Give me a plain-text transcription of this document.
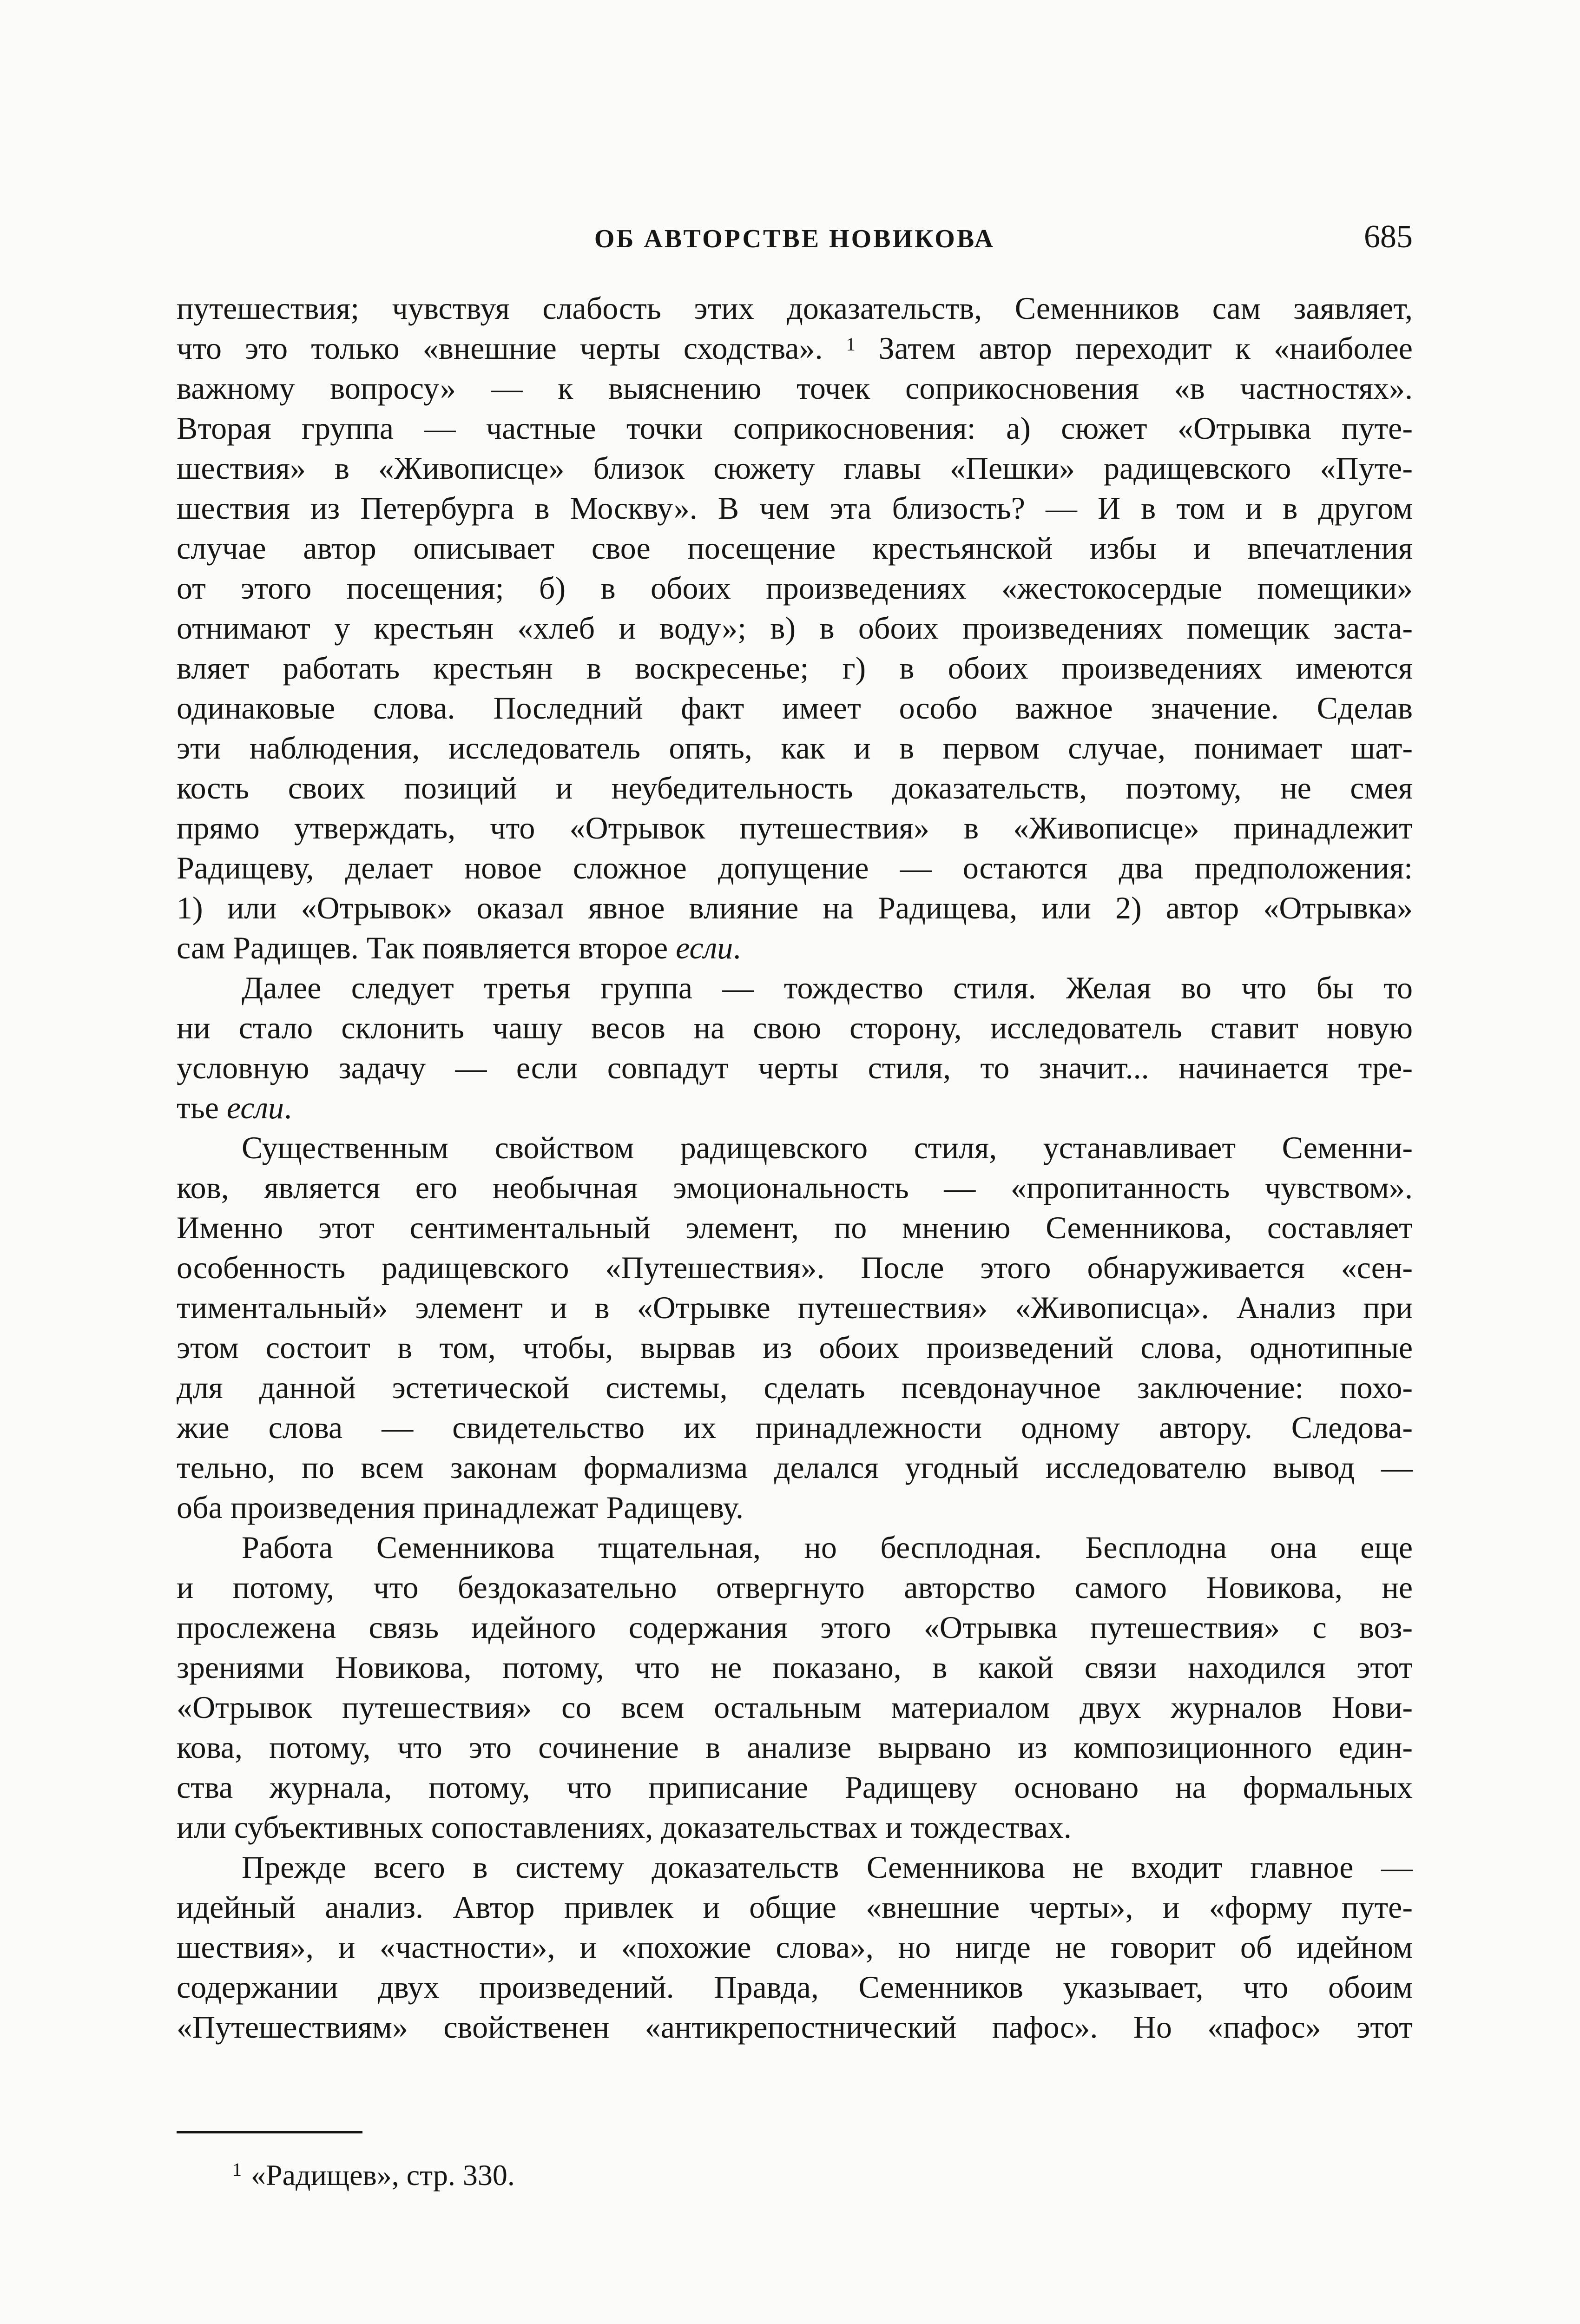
ОБ АВТОРСТВЕ НОВИКОВА	685
путешествия; чувствуя слабость этих доказательств, Семенников сам заявляет,
что это только «внешние черты сходства». $^1$ Затем автор переходит к «наиболее
важному вопросу» — к выяснению точек соприкосновения «в частностях».
Вторая группа — частные точки соприкосновения: а) сюжет «Отрывка путе-
шествия» в «Живописце» близок сюжету главы «Пешки» радищевского «Путе-
шествия из Петербурга в Москву». В чем эта близость? — И в том и в другом
случае автор описывает свое посещение крестьянской избы и впечатления
от этого посещения; б) в обоих произведениях «жестокосердые помещики»
отнимают у крестьян «хлеб и воду»; в) в обоих произведениях помещик заста-
вляет работать крестьян в воскресенье; г) в обоих произведениях имеются
одинаковые слова. Последний факт имеет особо важное значение. Сделав
эти наблюдения, исследователь опять, как и в первом случае, понимает шат-
кость своих позиций и неубедительность доказательств, поэтому, не смея
прямо утверждать, что «Отрывок путешествия» в «Живописце» принадлежит
Радищеву, делает новое сложное допущение — остаются два предположения:
1) или «Отрывок» оказал явное влияние на Радищева, или 2) автор «Отрывка»
сам Радищев. Так появляется второе если.
Далее следует третья группа — тождество стиля. Желая во что бы то
ни стало склонить чашу весов на свою сторону, исследователь ставит новую
условную задачу — если совпадут черты стиля, то значит... начинается тре-
тье если.
Существенным свойством радищевского стиля, устанавливает Семенни-
ков, является его необычная эмоциональность — «пропитанность чувством».
Именно этот сентиментальный элемент, по мнению Семенникова, составляет
особенность радищевского «Путешествия». После этого обнаруживается «сен-
тиментальный» элемент и в «Отрывке путешествия» «Живописца». Анализ при
этом состоит в том, чтобы, вырвав из обоих произведений слова, однотипные
для данной эстетической системы, сделать псевдонаучное заключение: похо-
жие слова — свидетельство их принадлежности одному автору. Следова-
тельно, по всем законам формализма делался угодный исследователю вывод —
оба произведения принадлежат Радищеву.
Работа Семенникова тщательная, но бесплодная. Бесплодна она еще
и потому, что бездоказательно отвергнуто авторство самого Новикова, не
прослежена связь идейного содержания этого «Отрывка путешествия» с воз-
зрениями Новикова, потому, что не показано, в какой связи находился этот
«Отрывок путешествия» со всем остальным материалом двух журналов Нови-
кова, потому, что это сочинение в анализе вырвано из композиционного един-
ства журнала, потому, что приписание Радищеву основано на формальных
или субъективных сопоставлениях, доказательствах и тождествах.
Прежде всего в систему доказательств Семенникова не входит главное —
идейный анализ. Автор привлек и общие «внешние черты», и «форму путе-
шествия», и «частности», и «похожие слова», но нигде не говорит об идейном
содержании двух произведений. Правда, Семенников указывает, что обоим
«Путешествиям» свойственен «антикрепостнический пафос». Но «пафос» этот
$^1$ «Радищев», стр. 330.
